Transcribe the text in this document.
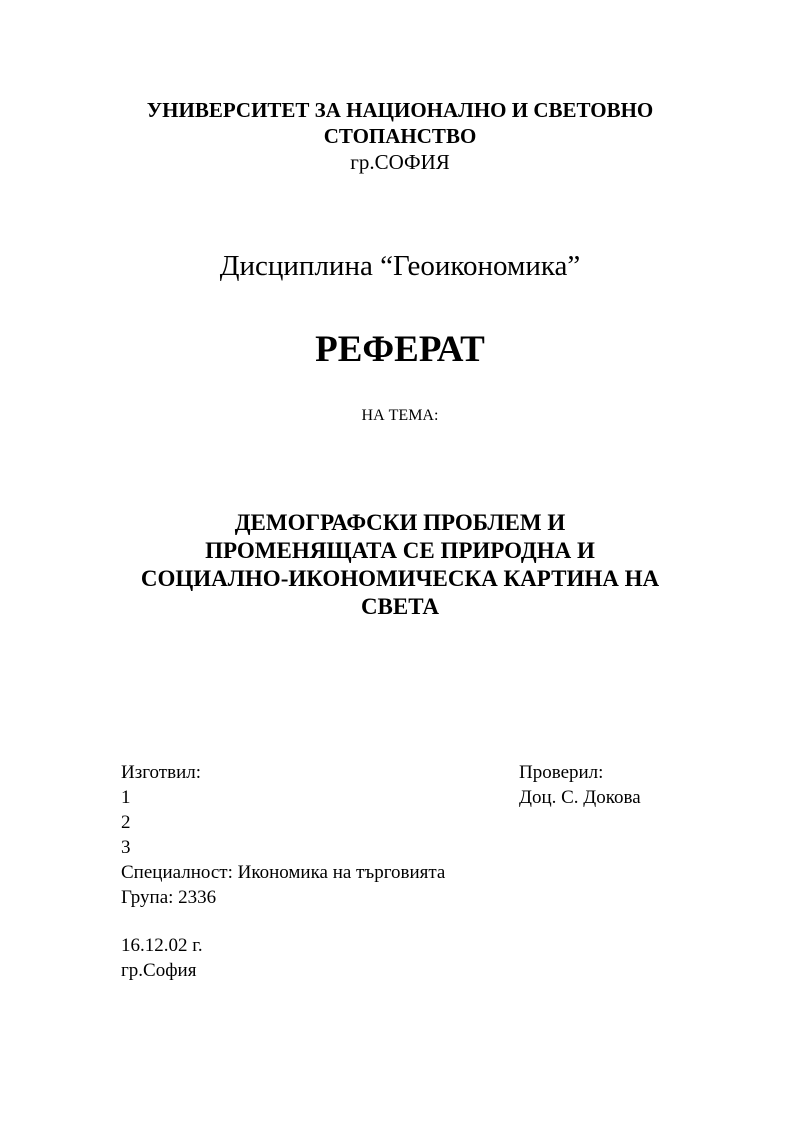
УНИВЕРСИТЕТ ЗА НАЦИОНАЛНО И СВЕТОВНО
СТОПАНСТВО
гр.СОФИЯ
Дисциплина “Геоикономика”
РЕФЕРАТ
НА ТЕМА:
ДЕМОГРАФСКИ ПРОБЛЕМ И
ПРОМЕНЯЩАТА СЕ ПРИРОДНА И
СОЦИАЛНО-ИКОНОМИЧЕСКА КАРТИНА НА
СВЕТА
Изготвил:
1
2
3
Специалност: Икономика на търговията
Група: 2336
Проверил:
Доц. С. Докова
16.12.02 г.
гр.София
